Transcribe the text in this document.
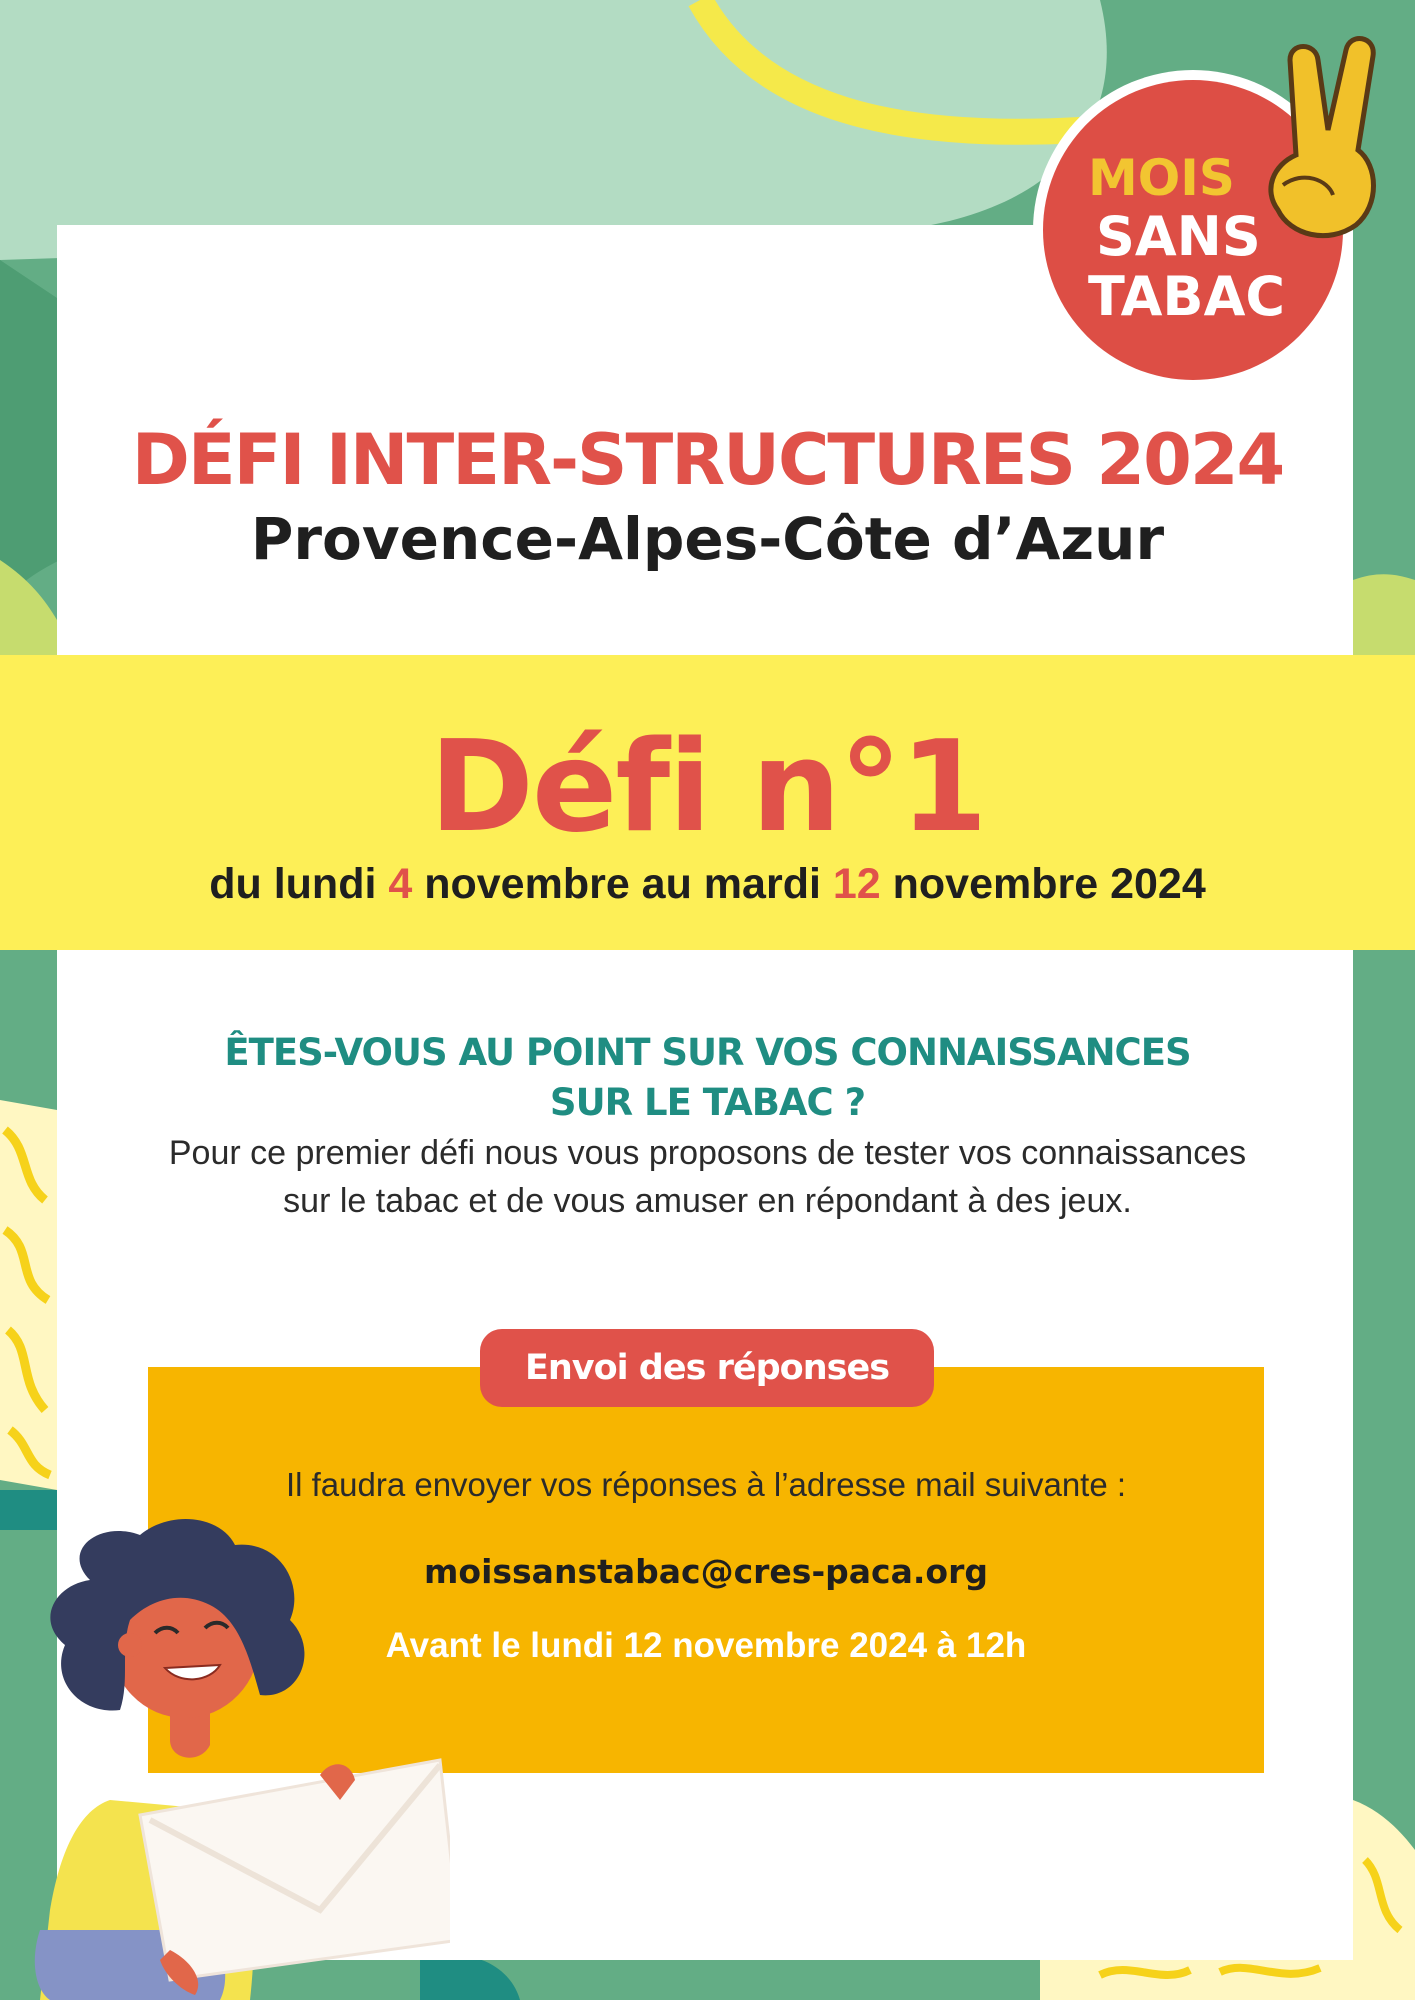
MOIS
SANS
TABAC
DÉFI INTER-STRUCTURES 2024
Provence-Alpes-Côte d’Azur
Défi n°1
du lundi 4 novembre au mardi 12 novembre 2024
ÊTES-VOUS AU POINT SUR VOS CONNAISSANCES
SUR LE TABAC ?
Pour ce premier défi nous vous proposons de tester vos connaissances
sur le tabac et de vous amuser en répondant à des jeux.
Envoi des réponses
Il faudra envoyer vos réponses à l’adresse mail suivante :
moissanstabac@cres-paca.org
Avant le lundi 12 novembre 2024 à 12h
